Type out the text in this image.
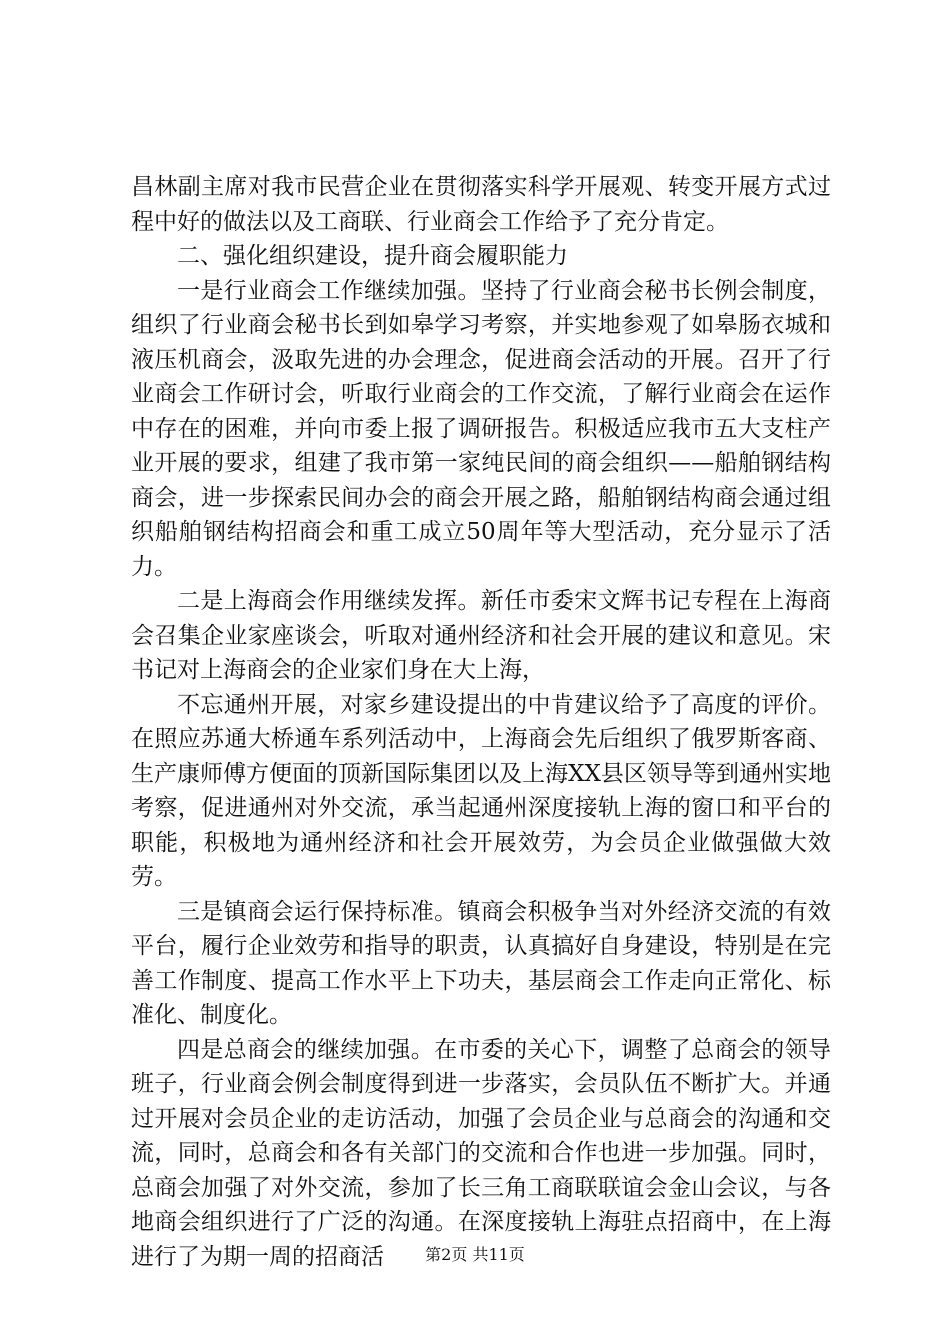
昌林副主席对我市民营企业在贯彻落实科学开展观、转变开展方式过程中好的做法以及工商联、行业商会工作给予了充分肯定。

二、强化组织建设，提升商会履职能力

一是行业商会工作继续加强。坚持了行业商会秘书长例会制度，组织了行业商会秘书长到如皋学习考察，并实地参观了如皋肠衣城和液压机商会，汲取先进的办会理念，促进商会活动的开展。召开了行业商会工作研讨会，听取行业商会的工作交流，了解行业商会在运作中存在的困难，并向市委上报了调研报告。积极适应我市五大支柱产业开展的要求，组建了我市第一家纯民间的商会组织——船舶钢结构商会，进一步探索民间办会的商会开展之路，船舶钢结构商会通过组织船舶钢结构招商会和重工成立50周年等大型活动，充分显示了活力。

二是上海商会作用继续发挥。新任市委宋文辉书记专程在上海商会召集企业家座谈会，听取对通州经济和社会开展的建议和意见。宋书记对上海商会的企业家们身在大上海，

不忘通州开展，对家乡建设提出的中肯建议给予了高度的评价。在照应苏通大桥通车系列活动中，上海商会先后组织了俄罗斯客商、生产康师傅方便面的顶新国际集团以及上海XX县区领导等到通州实地考察，促进通州对外交流，承当起通州深度接轨上海的窗口和平台的职能，积极地为通州经济和社会开展效劳，为会员企业做强做大效劳。

三是镇商会运行保持标准。镇商会积极争当对外经济交流的有效平台，履行企业效劳和指导的职责，认真搞好自身建设，特别是在完善工作制度、提高工作水平上下功夫，基层商会工作走向正常化、标准化、制度化。

四是总商会的继续加强。在市委的关心下，调整了总商会的领导班子，行业商会例会制度得到进一步落实，会员队伍不断扩大。并通过开展对会员企业的走访活动，加强了会员企业与总商会的沟通和交流，同时，总商会和各有关部门的交流和合作也进一步加强。同时，总商会加强了对外交流，参加了长三角工商联联谊会金山会议，与各地商会组织进行了广泛的沟通。在深度接轨上海驻点招商中，在上海进行了为期一周的招商活	第2页 共11页
